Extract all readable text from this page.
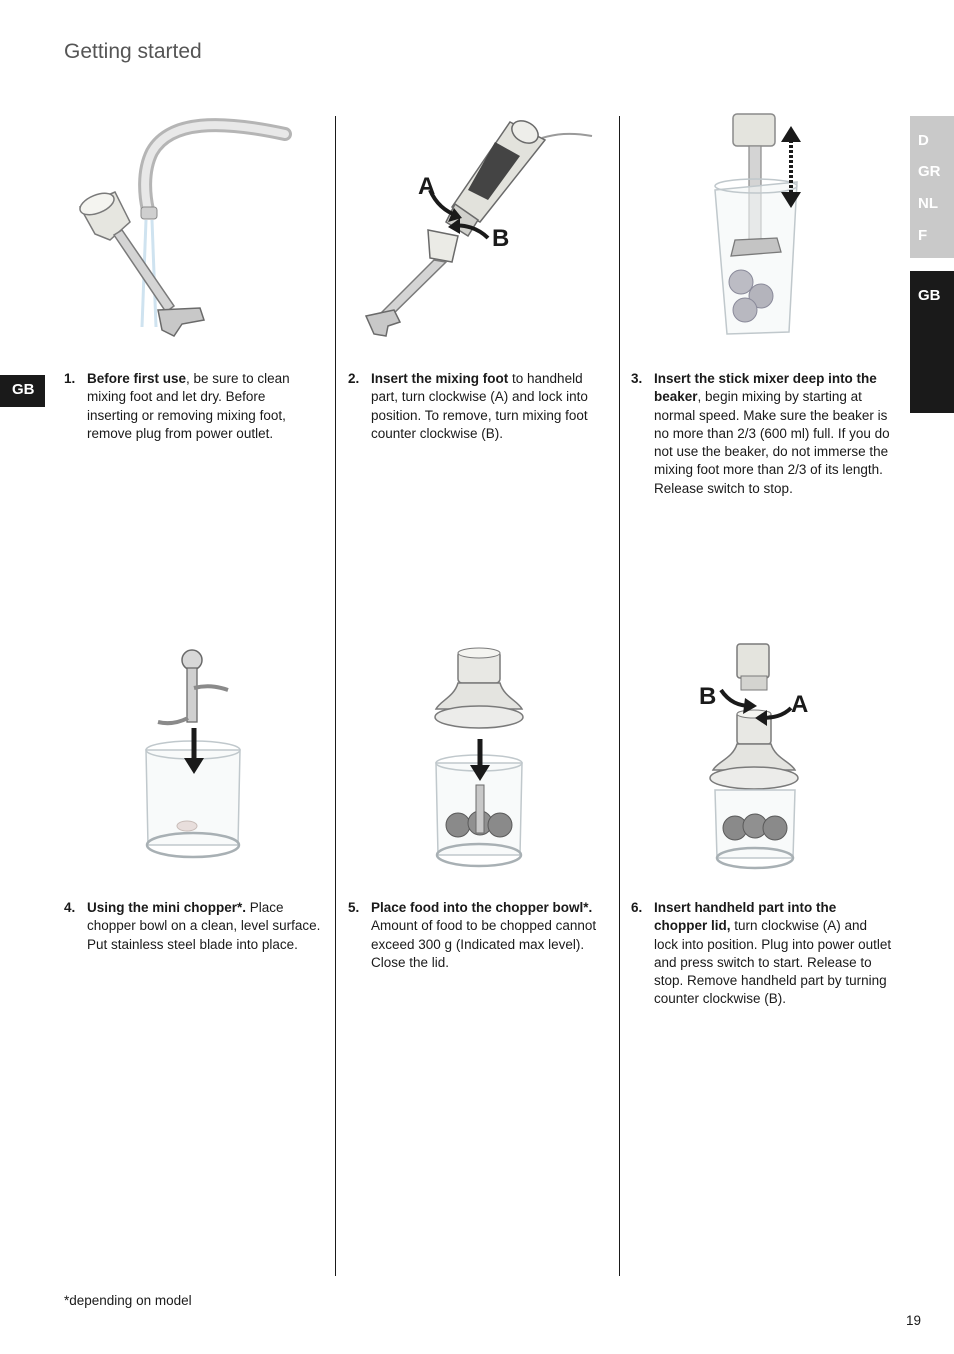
Getting started
D
GR
NL
F
GB
GB
A
B
B	A
1. Before first use, be sure to clean mixing foot and let dry. Before inserting or removing mixing foot, remove plug from power outlet.
2. Insert the mixing foot to handheld part, turn clockwise (A) and lock into position. To remove, turn mixing foot counter clockwise (B).
3. Insert the stick mixer deep into the beaker, begin mixing by starting at normal speed. Make sure the beaker is no more than 2/3 (600 ml) full. If you do not use the beaker, do not immerse the mixing foot more than 2/3 of its length. Release switch to stop.
4. Using the mini chopper*. Place chopper bowl on a clean, level surface. Put stainless steel blade into place.
5. Place food into the chopper bowl*. Amount of food to be chopped cannot exceed 300 g (Indicated max level). Close the lid.
6. Insert handheld part into the chopper lid, turn clockwise (A) and lock into position. Plug into power outlet and press switch to start. Release to stop. Remove handheld part by turning counter clockwise (B).
*depending on model
19
